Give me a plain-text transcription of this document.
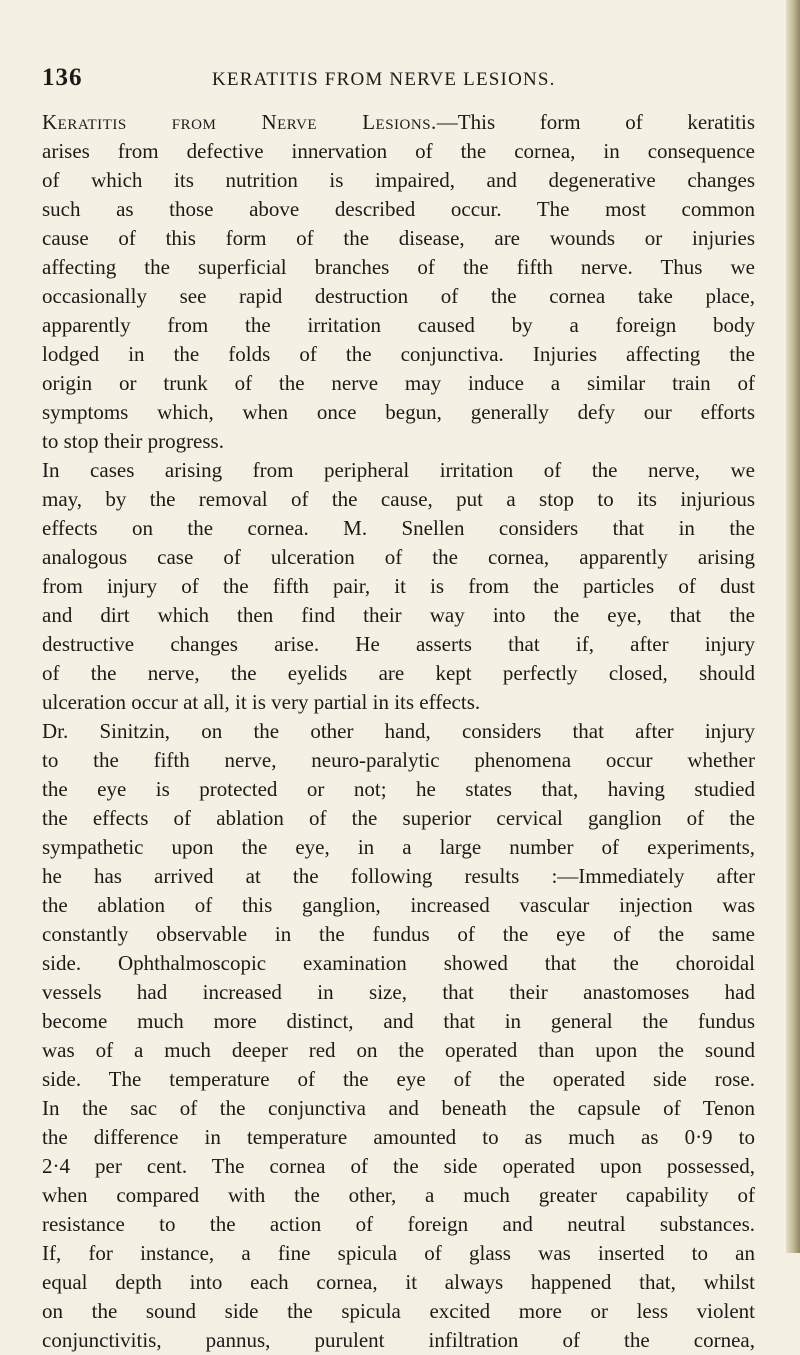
136	KERATITIS FROM NERVE LESIONS.
Keratitis from Nerve Lesions.—This form of keratitis
arises from defective innervation of the cornea, in consequence
of which its nutrition is impaired, and degenerative changes
such as those above described occur. The most common
cause of this form of the disease, are wounds or injuries
affecting the superficial branches of the fifth nerve. Thus we
occasionally see rapid destruction of the cornea take place,
apparently from the irritation caused by a foreign body
lodged in the folds of the conjunctiva. Injuries affecting the
origin or trunk of the nerve may induce a similar train of
symptoms which, when once begun, generally defy our efforts
to stop their progress.
In cases arising from peripheral irritation of the nerve, we
may, by the removal of the cause, put a stop to its injurious
effects on the cornea. M. Snellen considers that in the
analogous case of ulceration of the cornea, apparently arising
from injury of the fifth pair, it is from the particles of dust
and dirt which then find their way into the eye, that the
destructive changes arise. He asserts that if, after injury
of the nerve, the eyelids are kept perfectly closed, should
ulceration occur at all, it is very partial in its effects.
Dr. Sinitzin, on the other hand, considers that after injury
to the fifth nerve, neuro-paralytic phenomena occur whether
the eye is protected or not; he states that, having studied
the effects of ablation of the superior cervical ganglion of the
sympathetic upon the eye, in a large number of experiments,
he has arrived at the following results :—Immediately after
the ablation of this ganglion, increased vascular injection was
constantly observable in the fundus of the eye of the same
side. Ophthalmoscopic examination showed that the choroidal
vessels had increased in size, that their anastomoses had
become much more distinct, and that in general the fundus
was of a much deeper red on the operated than upon the sound
side. The temperature of the eye of the operated side rose.
In the sac of the conjunctiva and beneath the capsule of Tenon
the difference in temperature amounted to as much as 0·9 to
2·4 per cent. The cornea of the side operated upon possessed,
when compared with the other, a much greater capability of
resistance to the action of foreign and neutral substances.
If, for instance, a fine spicula of glass was inserted to an
equal depth into each cornea, it always happened that, whilst
on the sound side the spicula excited more or less violent
conjunctivitis, pannus, purulent infiltration of the cornea,
